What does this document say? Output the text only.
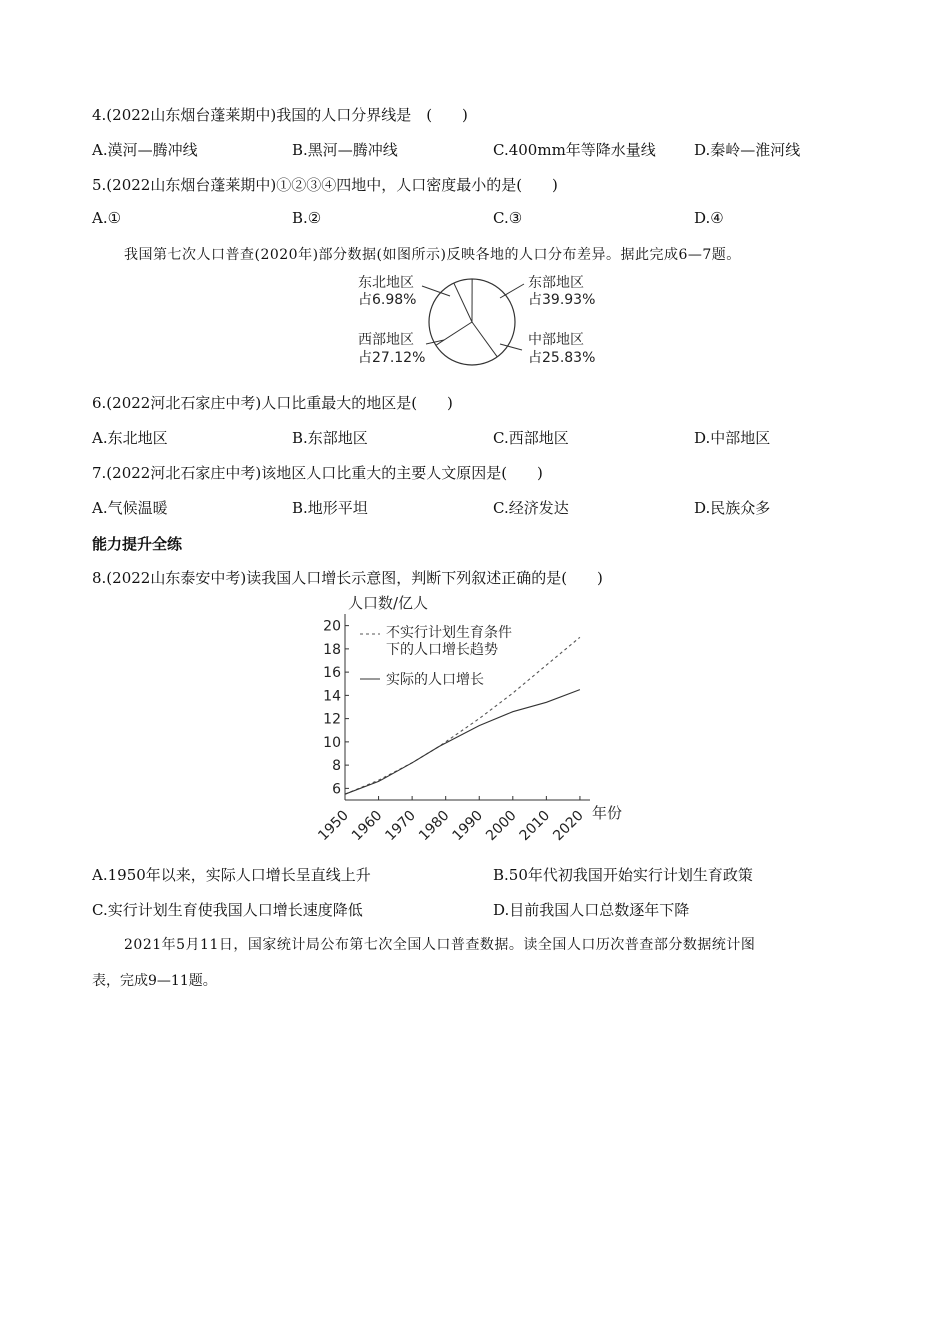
4.(2022山东烟台蓬莱期中)我国的人口分界线是　(　　)
A.漠河—腾冲线	B.黑河—腾冲线	C.400mm年等降水量线	D.秦岭—淮河线
5.(2022山东烟台蓬莱期中)①②③④四地中，人口密度最小的是(　　)
A.①	B.②	C.③	D.④
我国第七次人口普查(2020年)部分数据(如图所示)反映各地的人口分布差异。据此完成6—7题。
东北地区
占6.98%
东部地区
占39.93%
西部地区
占27.12%
中部地区
占25.83%
6.(2022河北石家庄中考)人口比重最大的地区是(　　)
A.东北地区	B.东部地区	C.西部地区	D.中部地区
7.(2022河北石家庄中考)该地区人口比重大的主要人文原因是(　　)
A.气候温暖	B.地形平坦	C.经济发达	D.民族众多
能力提升全练
8.(2022山东泰安中考)读我国人口增长示意图，判断下列叙述正确的是(　　)
人口数/亿人
年份
6
8
10
12
14
16
18
20
1950
1960
1970
1980
1990
2000
2010
2020
不实行计划生育条件
下的人口增长趋势
实际的人口增长
A.1950年以来，实际人口增长呈直线上升	B.50年代初我国开始实行计划生育政策
C.实行计划生育使我国人口增长速度降低	D.目前我国人口总数逐年下降
2021年5月11日，国家统计局公布第七次全国人口普查数据。读全国人口历次普查部分数据统计图
表，完成9—11题。
